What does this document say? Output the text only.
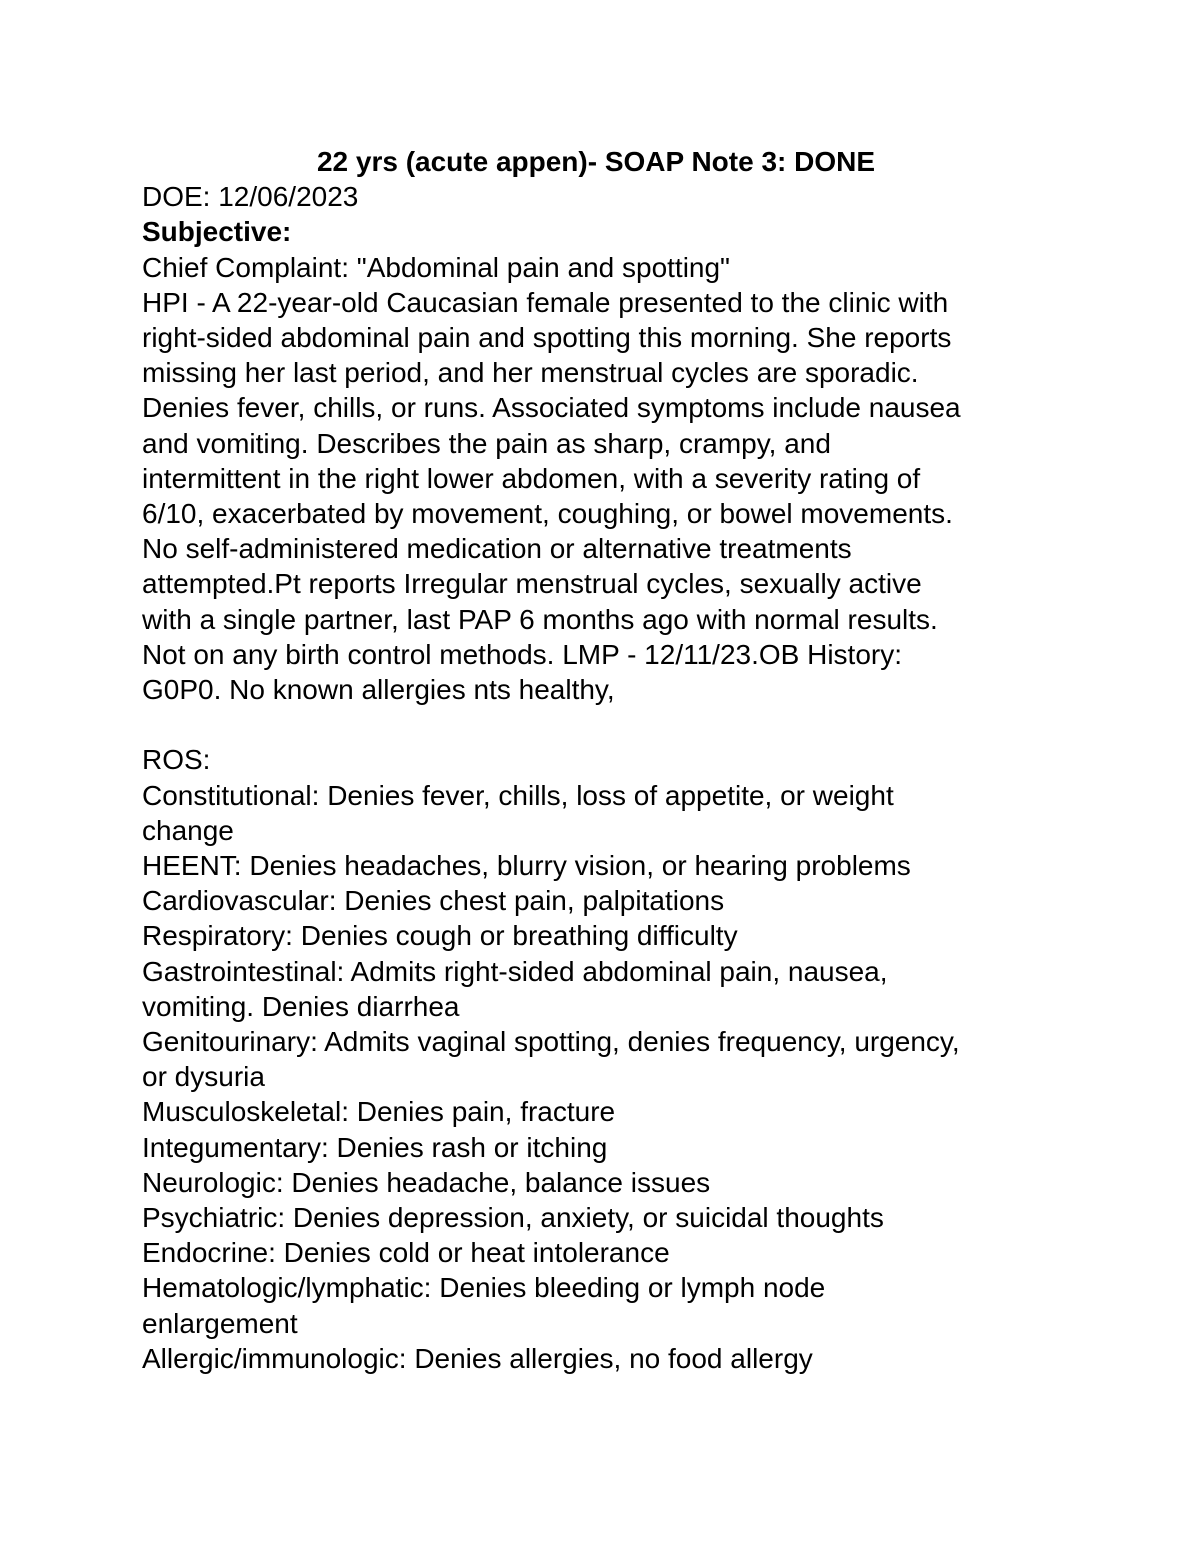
22 yrs (acute appen)- SOAP Note 3: DONE

DOE: 12/06/2023

Subjective:

Chief Complaint: "Abdominal pain and spotting"

HPI - A 22-year-old Caucasian female presented to the clinic with

right-sided abdominal pain and spotting this morning. She reports

missing her last period, and her menstrual cycles are sporadic.

Denies fever, chills, or runs. Associated symptoms include nausea

and vomiting. Describes the pain as sharp, crampy, and

intermittent in the right lower abdomen, with a severity rating of

6/10, exacerbated by movement, coughing, or bowel movements.

No self-administered medication or alternative treatments

attempted.Pt reports Irregular menstrual cycles, sexually active

with a single partner, last PAP 6 months ago with normal results.

Not on any birth control methods. LMP - 12/11/23.OB History:

G0P0. No known allergies nts healthy,

ROS:

Constitutional: Denies fever, chills, loss of appetite, or weight

change

HEENT: Denies headaches, blurry vision, or hearing problems

Cardiovascular: Denies chest pain, palpitations

Respiratory: Denies cough or breathing difficulty

Gastrointestinal: Admits right-sided abdominal pain, nausea,

vomiting. Denies diarrhea

Genitourinary: Admits vaginal spotting, denies frequency, urgency,

or dysuria

Musculoskeletal: Denies pain, fracture

Integumentary: Denies rash or itching

Neurologic: Denies headache, balance issues

Psychiatric: Denies depression, anxiety, or suicidal thoughts

Endocrine: Denies cold or heat intolerance

Hematologic/lymphatic: Denies bleeding or lymph node

enlargement

Allergic/immunologic: Denies allergies, no food allergy
